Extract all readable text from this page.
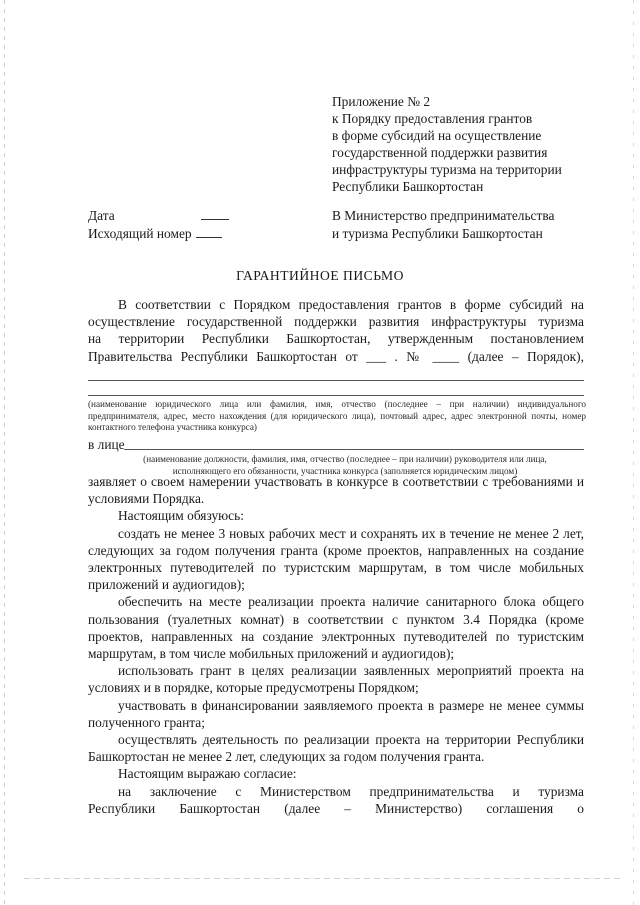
Приложение № 2
к Порядку предоставления грантов
в форме субсидий на осуществление
государственной поддержки развития
инфраструктуры туризма на территории
Республики Башкортостан
Дата
Исходящий номер
В Министерство предпринимательства
и туризма Республики Башкортостан
ГАРАНТИЙНОЕ ПИСЬМО
В соответствии с Порядком предоставления грантов в форме субсидий на
осуществление государственной поддержки развития инфраструктуры туризма
на территории Республики Башкортостан, утвержденным постановлением
Правительства Республики Башкортостан от ___ . № ____ (далее – Порядок),
(наименование юридического лица или фамилия, имя, отчество (последнее – при наличии) индивидуального предпринимателя, адрес, место нахождения (для юридического лица), почтовый адрес, адрес электронной почты, номер контактного телефона участника конкурса)
в лице
(наименование должности, фамилия, имя, отчество (последнее – при наличии) руководителя или лица, исполняющего его обязанности, участника конкурса (заполняется юридическим лицом)
заявляет о своем намерении участвовать в конкурсе в соответствии с требованиями и условиями Порядка.
Настоящим обязуюсь:
создать не менее 3 новых рабочих мест и сохранять их в течение не менее 2 лет, следующих за годом получения гранта (кроме проектов, направленных на создание электронных путеводителей по туристским маршрутам, в том числе мобильных приложений и аудиогидов);
обеспечить на месте реализации проекта наличие санитарного блока общего пользования (туалетных комнат) в соответствии с пунктом 3.4 Порядка (кроме проектов, направленных на создание электронных путеводителей по туристским маршрутам, в том числе мобильных приложений и аудиогидов);
использовать грант в целях реализации заявленных мероприятий проекта на условиях и в порядке, которые предусмотрены Порядком;
участвовать в финансировании заявляемого проекта в размере не менее суммы полученного гранта;
осуществлять деятельность по реализации проекта на территории Республики Башкортостан не менее 2 лет, следующих за годом получения гранта.
Настоящим выражаю согласие:
на заключение с Министерством предпринимательства и туризма
Республики Башкортостан (далее – Министерство) соглашения о
